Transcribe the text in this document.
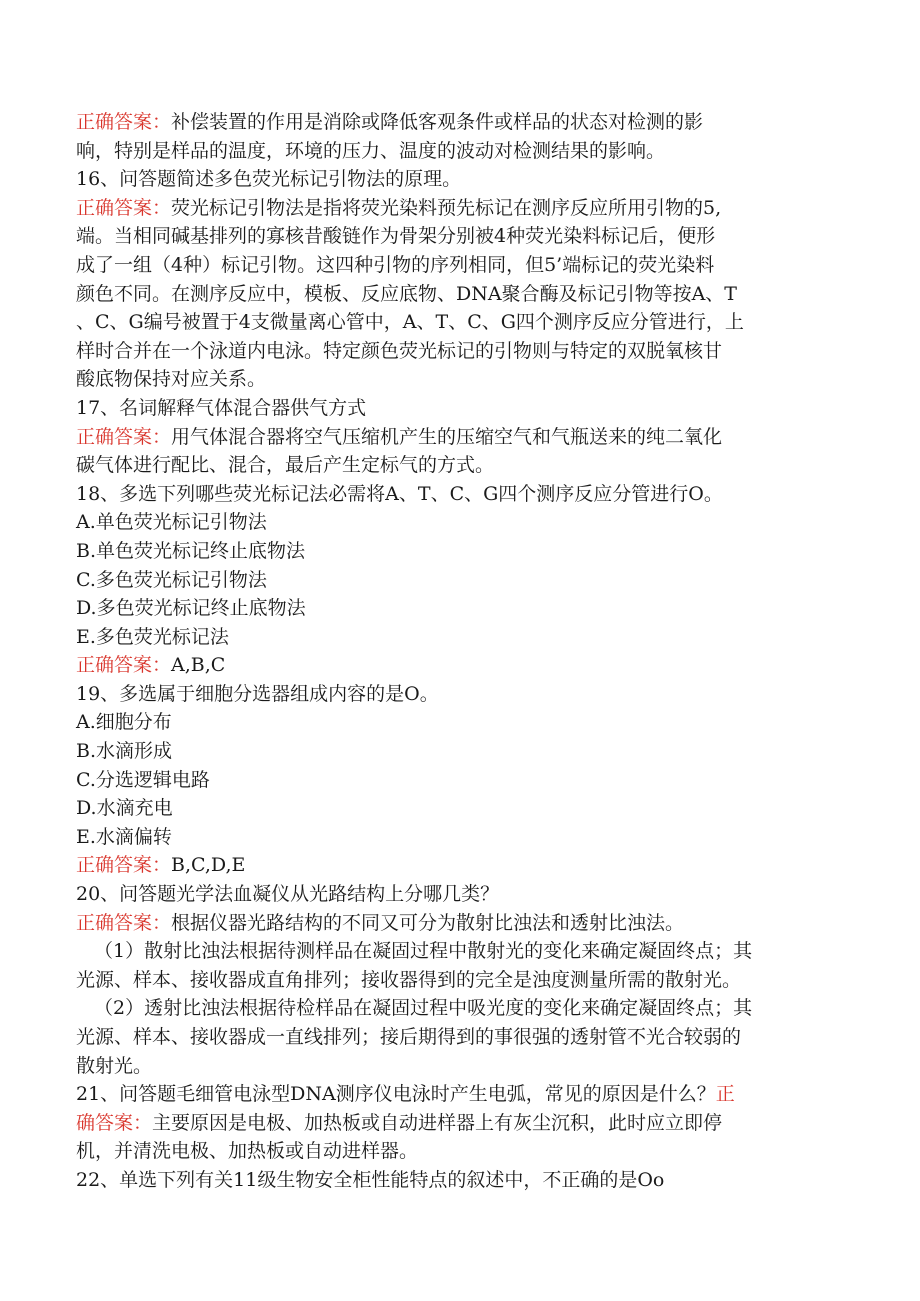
正确答案：补偿装置的作用是消除或降低客观条件或样品的状态对检测的影
响，特别是样品的温度，环境的压力、温度的波动对检测结果的影响。
16、问答题简述多色荧光标记引物法的原理。
正确答案：荧光标记引物法是指将荧光染料预先标记在测序反应所用引物的5,
端。当相同碱基排列的寡核昔酸链作为骨架分别被4种荧光染料标记后，便形
成了一组（4种）标记引物。这四种引物的序列相同，但5’端标记的荧光染料
颜色不同。在测序反应中，模板、反应底物、DNA聚合酶及标记引物等按A、T
、C、G编号被置于4支微量离心管中，A、T、C、G四个测序反应分管进行，上
样时合并在一个泳道内电泳。特定颜色荧光标记的引物则与特定的双脱氧核甘
酸底物保持对应关系。
17、名词解释气体混合器供气方式
正确答案：用气体混合器将空气压缩机产生的压缩空气和气瓶送来的纯二氧化
碳气体进行配比、混合，最后产生定标气的方式。
18、多选下列哪些荧光标记法必需将A、T、C、G四个测序反应分管进行O。
A.单色荧光标记引物法
B.单色荧光标记终止底物法
C.多色荧光标记引物法
D.多色荧光标记终止底物法
E.多色荧光标记法
正确答案：A,B,C
19、多选属于细胞分选器组成内容的是O。
A.细胞分布
B.水滴形成
C.分选逻辑电路
D.水滴充电
E.水滴偏转
正确答案：B,C,D,E
20、问答题光学法血凝仪从光路结构上分哪几类？
正确答案：根据仪器光路结构的不同又可分为散射比浊法和透射比浊法。
（1）散射比浊法根据待测样品在凝固过程中散射光的变化来确定凝固终点；其
光源、样本、接收器成直角排列；接收器得到的完全是浊度测量所需的散射光。
（2）透射比浊法根据待检样品在凝固过程中吸光度的变化来确定凝固终点；其
光源、样本、接收器成一直线排列；接后期得到的事很强的透射管不光合较弱的
散射光。
21、问答题毛细管电泳型DNA测序仪电泳时产生电弧，常见的原因是什么？正
确答案：主要原因是电极、加热板或自动进样器上有灰尘沉积，此时应立即停
机，并清洗电极、加热板或自动进样器。
22、单选下列有关11级生物安全柜性能特点的叙述中，不正确的是Oo
